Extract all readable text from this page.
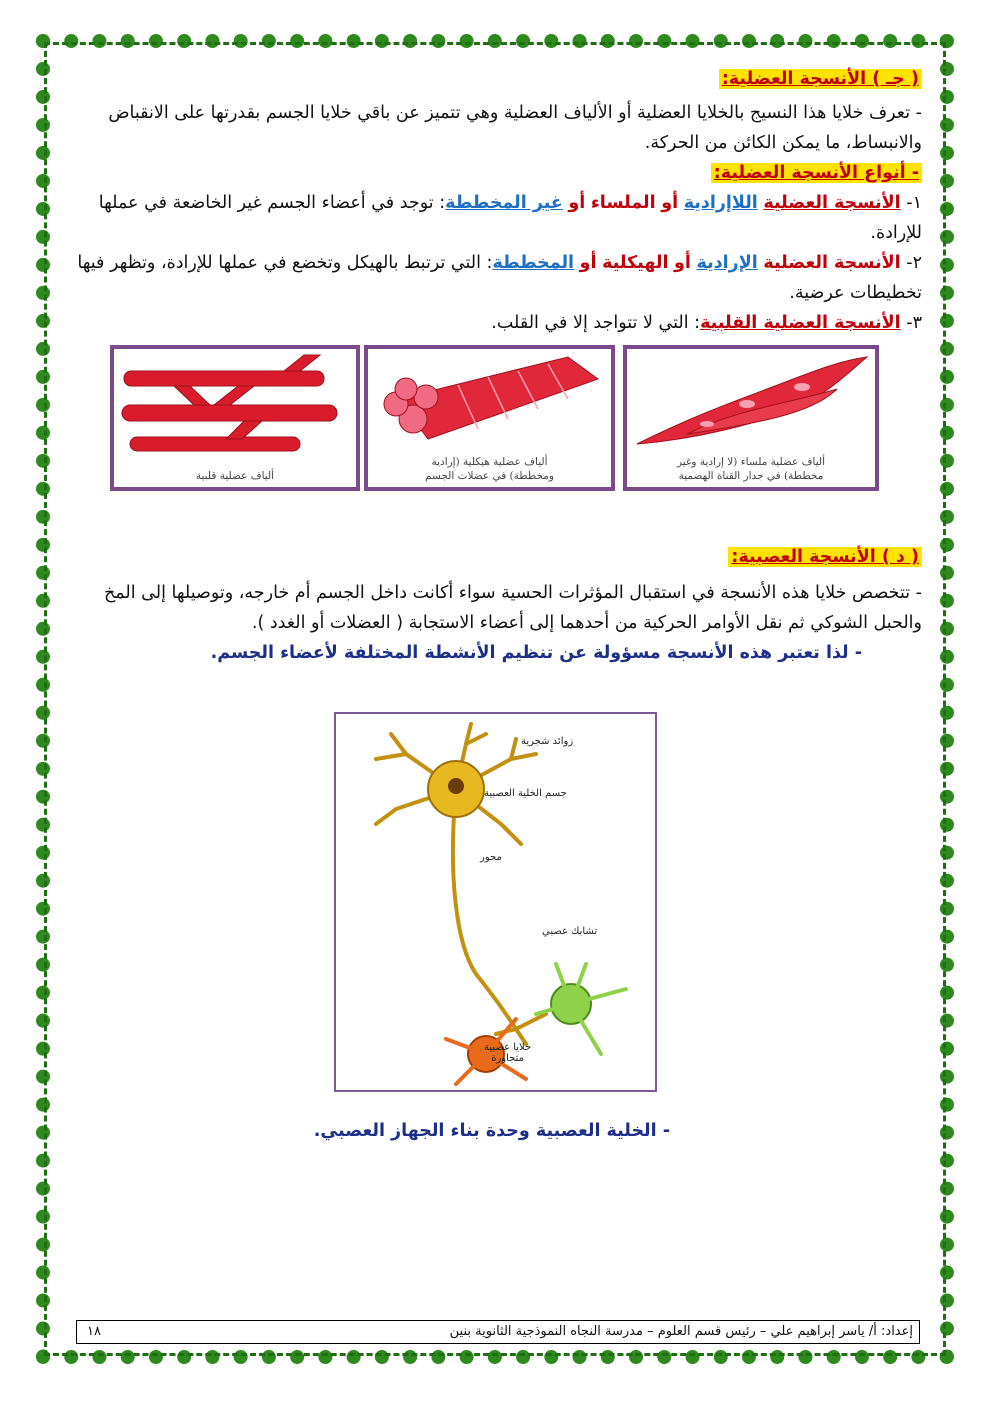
( جـ ) الأنسجة العضلية:

- تعرف خلايا هذا النسيج بالخلايا العضلية أو الألياف العضلية وهي تتميز عن باقي خلايا الجسم بقدرتها على الانقباض

والانبساط، ما يمكن الكائن من الحركة.

- أنواع الأنسجة العضلية:

١- الأنسجة العضلية اللاإرادية أو الملساء أو غير المخططة: توجد في أعضاء الجسم غير الخاضعة في عملها للإرادة.

٢- الأنسجة العضلية الإرادية أو الهيكلية أو المخططة: التي ترتبط بالهيكل وتخضع في عملها للإرادة، وتظهر فيها

تخطيطات عرضية.

٣- الأنسجة العضلية القلبية: التي لا تتواجد إلا في القلب.

ألياف عضلية قلبية
ألياف عضلية هيكلية (إرادية
ومخططة) في عضلات الجسم
ألياف عضلية ملساء (لا إرادية وغير
مخططة) في جدار القناة الهضمية

( د ) الأنسجة العصبية:

- تتخصص خلايا هذه الأنسجة في استقبال المؤثرات الحسية سواء أكانت داخل الجسم أم خارجه، وتوصيلها إلى المخ

والحبل الشوكي ثم نقل الأوامر الحركية من أحدهما إلى أعضاء الاستجابة ( العضلات أو الغدد ).

- لذا تعتبر هذه الأنسجة مسؤولة عن تنظيم الأنشطة المختلفة لأعضاء الجسم.

زوائد شجرية
جسم الخلية العصبية
محور
تشابك عصبي
خلايا عصبية
متجاورة
- الخلية العصبية وحدة بناء الجهاز العصبي.
إعداد: أ/ ياسر إبراهيم علي – رئيس قسم العلوم – مدرسة النجاه النموذجية الثانوية بنين
١٨
